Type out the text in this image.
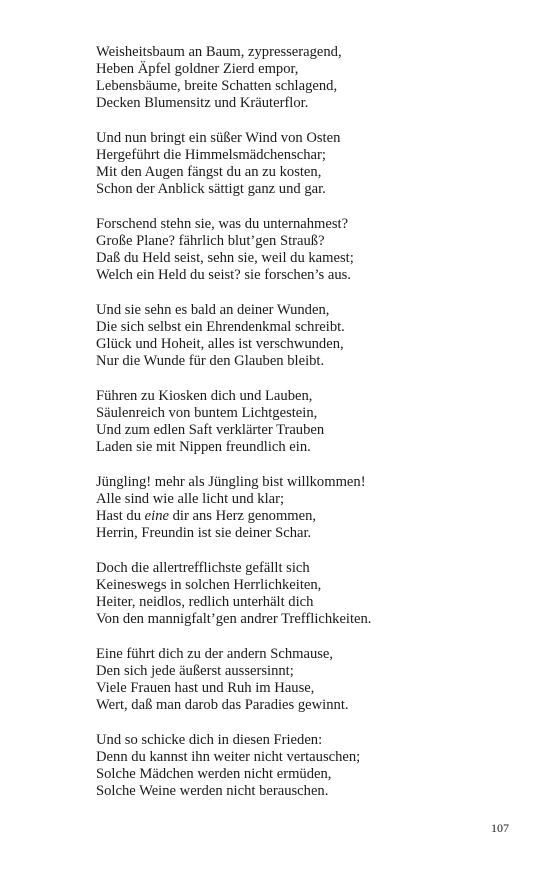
Weisheitsbaum an Baum, zypresseragend,
Heben Äpfel goldner Zierd empor,
Lebensbäume, breite Schatten schlagend,
Decken Blumensitz und Kräuterflor.
Und nun bringt ein süßer Wind von Osten
Hergeführt die Himmelsmädchenschar;
Mit den Augen fängst du an zu kosten,
Schon der Anblick sättigt ganz und gar.
Forschend stehn sie, was du unternahmest?
Große Plane? fährlich blut’gen Strauß?
Daß du Held seist, sehn sie, weil du kamest;
Welch ein Held du seist? sie forschen’s aus.
Und sie sehn es bald an deiner Wunden,
Die sich selbst ein Ehrendenkmal schreibt.
Glück und Hoheit, alles ist verschwunden,
Nur die Wunde für den Glauben bleibt.
Führen zu Kiosken dich und Lauben,
Säulenreich von buntem Lichtgestein,
Und zum edlen Saft verklärter Trauben
Laden sie mit Nippen freundlich ein.
Jüngling! mehr als Jüngling bist willkommen!
Alle sind wie alle licht und klar;
Hast du eine dir ans Herz genommen,
Herrin, Freundin ist sie deiner Schar.
Doch die allertrefflichste gefällt sich
Keineswegs in solchen Herrlichkeiten,
Heiter, neidlos, redlich unterhält dich
Von den mannigfalt’gen andrer Trefflichkeiten.
Eine führt dich zu der andern Schmause,
Den sich jede äußerst aussersinnt;
Viele Frauen hast und Ruh im Hause,
Wert, daß man darob das Paradies gewinnt.
Und so schicke dich in diesen Frieden:
Denn du kannst ihn weiter nicht vertauschen;
Solche Mädchen werden nicht ermüden,
Solche Weine werden nicht berauschen.
107
